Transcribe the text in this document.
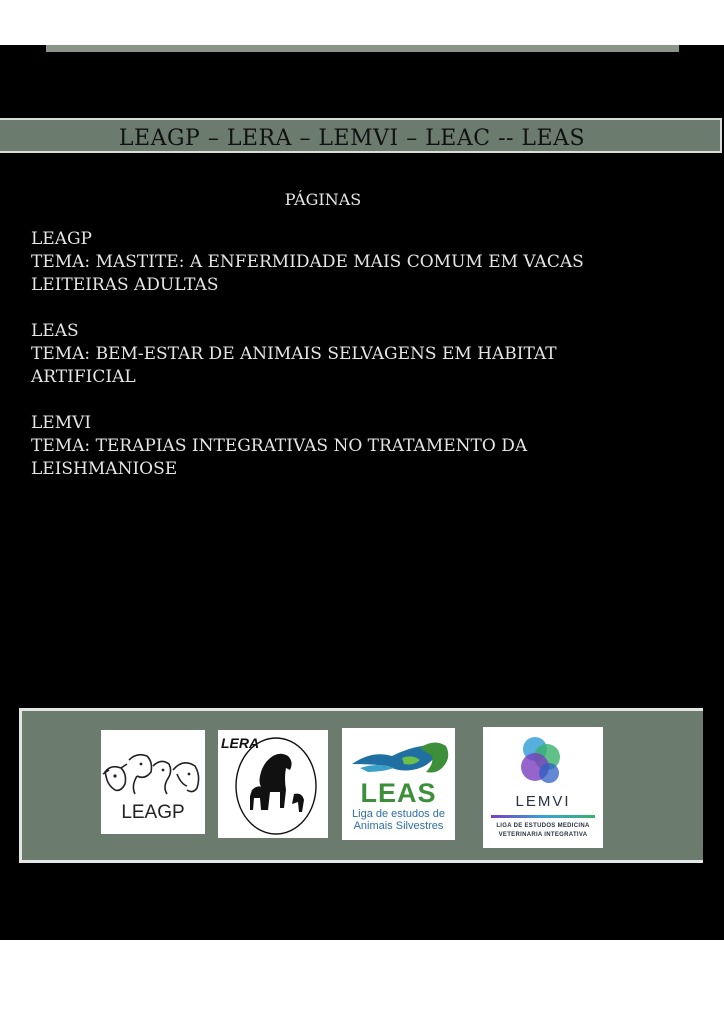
LEAGP – LERA – LEMVI – LEAC -- LEAS
PÁGINAS
LEAGP
TEMA: MASTITE: A ENFERMIDADE MAIS COMUM EM VACAS
LEITEIRAS ADULTAS
LEAS
TEMA: BEM-ESTAR DE ANIMAIS SELVAGENS EM HABITAT
ARTIFICIAL
LEMVI
TEMA: TERAPIAS INTEGRATIVAS NO TRATAMENTO DA
LEISHMANIOSE
LEAGP
LERA
LEAS
Liga de estudos de
Animais Silvestres
LEMVI
LIGA DE ESTUDOS MEDICINA
VETERINARIA INTEGRATIVA
